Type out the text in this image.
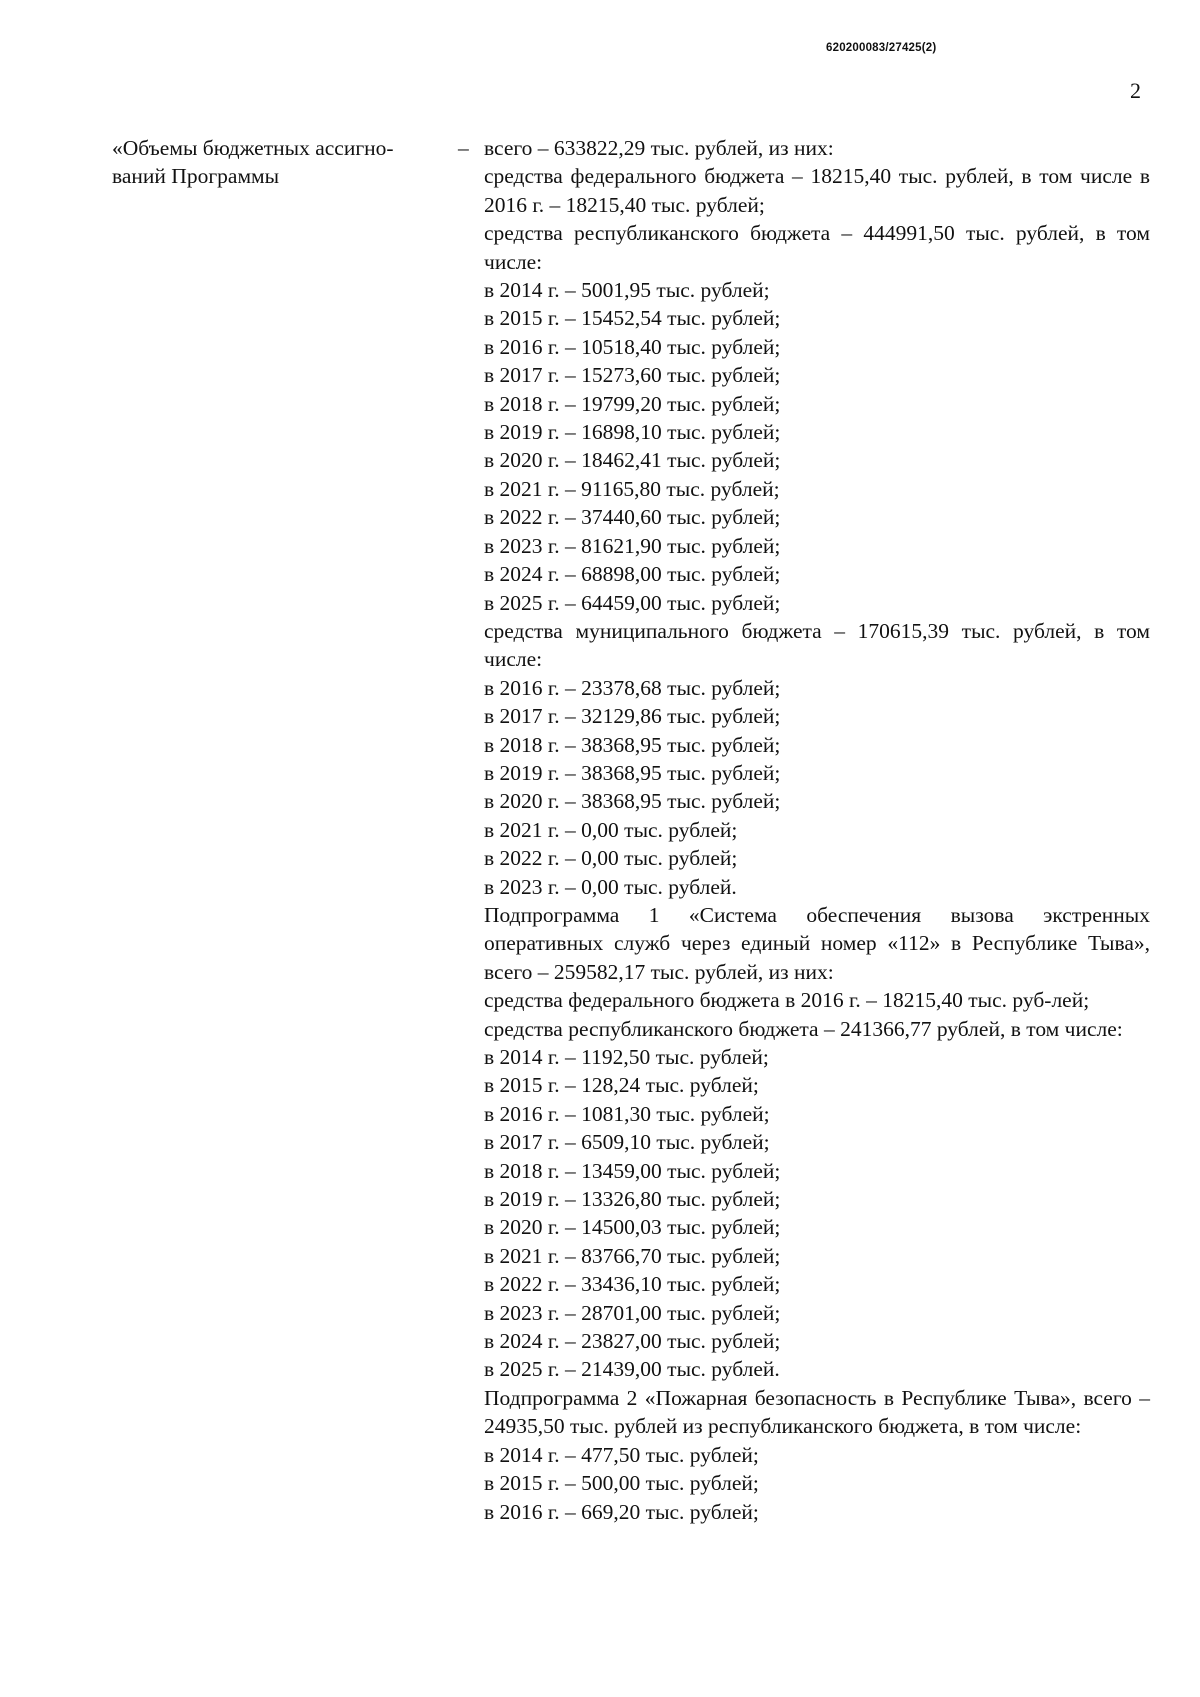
620200083/27425(2)
2
«Объемы бюджетных ассигно-ваний Программы
– всего – 633822,29 тыс. рублей, из них:

средства федерального бюджета – 18215,40 тыс. рублей, в том числе в 2016 г. – 18215,40 тыс. рублей;

средства республиканского бюджета – 444991,50 тыс. рублей, в том числе:

в 2014 г. – 5001,95 тыс. рублей;

в 2015 г. – 15452,54 тыс. рублей;

в 2016 г. – 10518,40 тыс. рублей;

в 2017 г. – 15273,60 тыс. рублей;

в 2018 г. – 19799,20 тыс. рублей;

в 2019 г. – 16898,10 тыс. рублей;

в 2020 г. – 18462,41 тыс. рублей;

в 2021 г. – 91165,80 тыс. рублей;

в 2022 г. – 37440,60 тыс. рублей;

в 2023 г. – 81621,90 тыс. рублей;

в 2024 г. – 68898,00 тыс. рублей;

в 2025 г. – 64459,00 тыс. рублей;

средства муниципального бюджета – 170615,39 тыс. рублей, в том числе:

в 2016 г. – 23378,68 тыс. рублей;

в 2017 г. – 32129,86 тыс. рублей;

в 2018 г. – 38368,95 тыс. рублей;

в 2019 г. – 38368,95 тыс. рублей;

в 2020 г. – 38368,95 тыс. рублей;

в 2021 г. – 0,00 тыс. рублей;

в 2022 г. – 0,00 тыс. рублей;

в 2023 г. – 0,00 тыс. рублей.

Подпрограмма 1 «Система обеспечения вызова экстренных оперативных служб через единый номер «112» в Республике Тыва», всего – 259582,17 тыс. рублей, из них:

средства федерального бюджета в 2016 г. – 18215,40 тыс. руб-лей;

средства республиканского бюджета – 241366,77 рублей, в том числе:

в 2014 г. – 1192,50 тыс. рублей;

в 2015 г. – 128,24 тыс. рублей;

в 2016 г. – 1081,30 тыс. рублей;

в 2017 г. – 6509,10 тыс. рублей;

в 2018 г. – 13459,00 тыс. рублей;

в 2019 г. – 13326,80 тыс. рублей;

в 2020 г. – 14500,03 тыс. рублей;

в 2021 г. – 83766,70 тыс. рублей;

в 2022 г. – 33436,10 тыс. рублей;

в 2023 г. – 28701,00 тыс. рублей;

в 2024 г. – 23827,00 тыс. рублей;

в 2025 г. – 21439,00 тыс. рублей.

Подпрограмма 2 «Пожарная безопасность в Республике Тыва», всего – 24935,50 тыс. рублей из республиканского бюджета, в том числе:

в 2014 г. – 477,50 тыс. рублей;

в 2015 г. – 500,00 тыс. рублей;

в 2016 г. – 669,20 тыс. рублей;
